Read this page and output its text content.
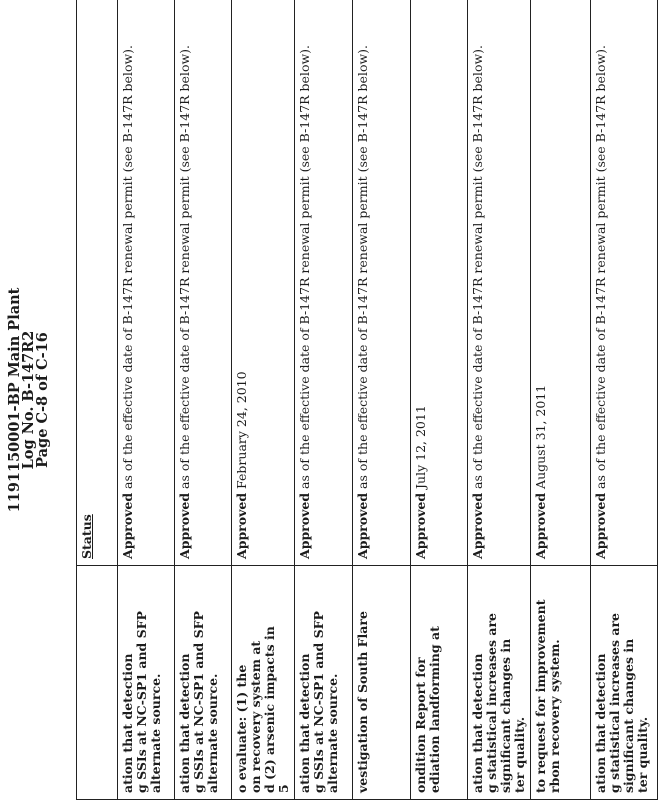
1191150001-BP Main Plant
Log No. B-147R2
Page C-8 of C-16
	Status
ation that detection
g SSIs at NC-SP1 and SFP
alternate source.	Approved as of the effective date of B-147R renewal permit (see B-147R below).
ation that detection
g SSIs at NC-SP1 and SFP
alternate source.	Approved as of the effective date of B-147R renewal permit (see B-147R below).
o evaluate: (1) the
on recovery system at
d (2) arsenic impacts in
5	Approved February 24, 2010
ation that detection
g SSIs at NC-SP1 and SFP
alternate source.	Approved as of the effective date of B-147R renewal permit (see B-147R below).
vestigation of South Flare	Approved as of the effective date of B-147R renewal permit (see B-147R below).
ondition Report for
ediation landforming at	Approved July 12, 2011
ation that detection
g statistical increases are
significant changes in
ter quality.	Approved as of the effective date of B-147R renewal permit (see B-147R below).
to request for improvement
rbon recovery system.	Approved August 31, 2011
ation that detection
g statistical increases are
significant changes in
ter quality.	Approved as of the effective date of B-147R renewal permit (see B-147R below).
